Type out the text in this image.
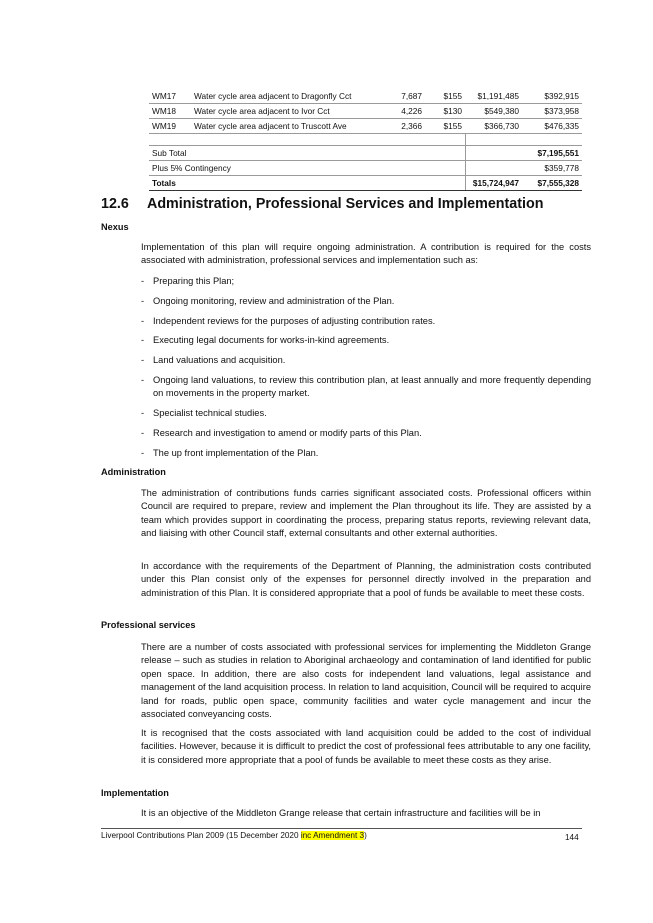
WM17	Water cycle area adjacent to Dragonfly Cct	7,687	$155	$1,191,485	$392,915
WM18	Water cycle area adjacent to Ivor Cct	4,226	$130	$549,380	$373,958
WM19	Water cycle area adjacent to Truscott Ave	2,366	$155	$366,730	$476,335

Sub Total					$7,195,551
Plus 5% Contingency					$359,778
Totals				$15,724,947	$7,555,328
12.6 Administration, Professional Services and Implementation
Nexus
Implementation of this plan will require ongoing administration. A contribution is required for the costs associated with administration, professional services and implementation such as:
- Preparing this Plan;
- Ongoing monitoring, review and administration of the Plan.
- Independent reviews for the purposes of adjusting contribution rates.
- Executing legal documents for works-in-kind agreements.
- Land valuations and acquisition.
- Ongoing land valuations, to review this contribution plan, at least annually and more frequently depending on movements in the property market.
- Specialist technical studies.
- Research and investigation to amend or modify parts of this Plan.
- The up front implementation of the Plan.
Administration
The administration of contributions funds carries significant associated costs. Professional officers within Council are required to prepare, review and implement the Plan throughout its life. They are assisted by a team which provides support in coordinating the process, preparing status reports, reviewing relevant data, and liaising with other Council staff, external consultants and other external authorities.
In accordance with the requirements of the Department of Planning, the administration costs contributed under this Plan consist only of the expenses for personnel directly involved in the preparation and administration of this Plan. It is considered appropriate that a pool of funds be available to meet these costs.
Professional services
There are a number of costs associated with professional services for implementing the Middleton Grange release – such as studies in relation to Aboriginal archaeology and contamination of land identified for public open space. In addition, there are also costs for independent land valuations, legal assistance and management of the land acquisition process. In relation to land acquisition, Council will be required to acquire land for roads, public open space, community facilities and water cycle management and incur the associated conveyancing costs.
It is recognised that the costs associated with land acquisition could be added to the cost of individual facilities. However, because it is difficult to predict the cost of professional fees attributable to any one facility, it is considered more appropriate that a pool of funds be available to meet these costs as they arise.
Implementation
It is an objective of the Middleton Grange release that certain infrastructure and facilities will be in
Liverpool Contributions Plan 2009 (15 December 2020 inc Amendment 3)	144
